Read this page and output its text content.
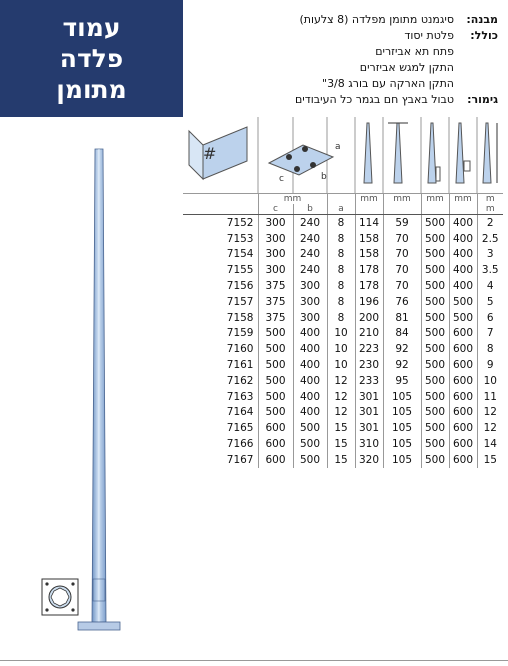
עמוד
פלדה
מתומן
מבנה:
סיגמנט מתומן מפלדה (8 צלעות)
כולל:
פלטת יסוד
פתח תא אביזרים
התקן למגש אביזרים
התקן הארקה עם בורג 3/8"
גימור:
טבול באבץ חם בגמר כל העיבודים
#
c	b
a
	mm			mm	mm	mm	mm	m
	c	b	a					m
7152	300	240	8	114	59	500	400	2
7153	300	240	8	158	70	500	400	2.5
7154	300	240	8	158	70	500	400	3
7155	300	240	8	178	70	500	400	3.5
7156	375	300	8	178	70	500	400	4
7157	375	300	8	196	76	500	500	5
7158	375	300	8	200	81	500	500	6
7159	500	400	10	210	84	500	600	7
7160	500	400	10	223	92	500	600	8
7161	500	400	10	230	92	500	600	9
7162	500	400	12	233	95	500	600	10
7163	500	400	12	301	105	500	600	11
7164	500	400	12	301	105	500	600	12
7165	600	500	15	301	105	500	600	12
7166	600	500	15	310	105	500	600	14
7167	600	500	15	320	105	500	600	15
